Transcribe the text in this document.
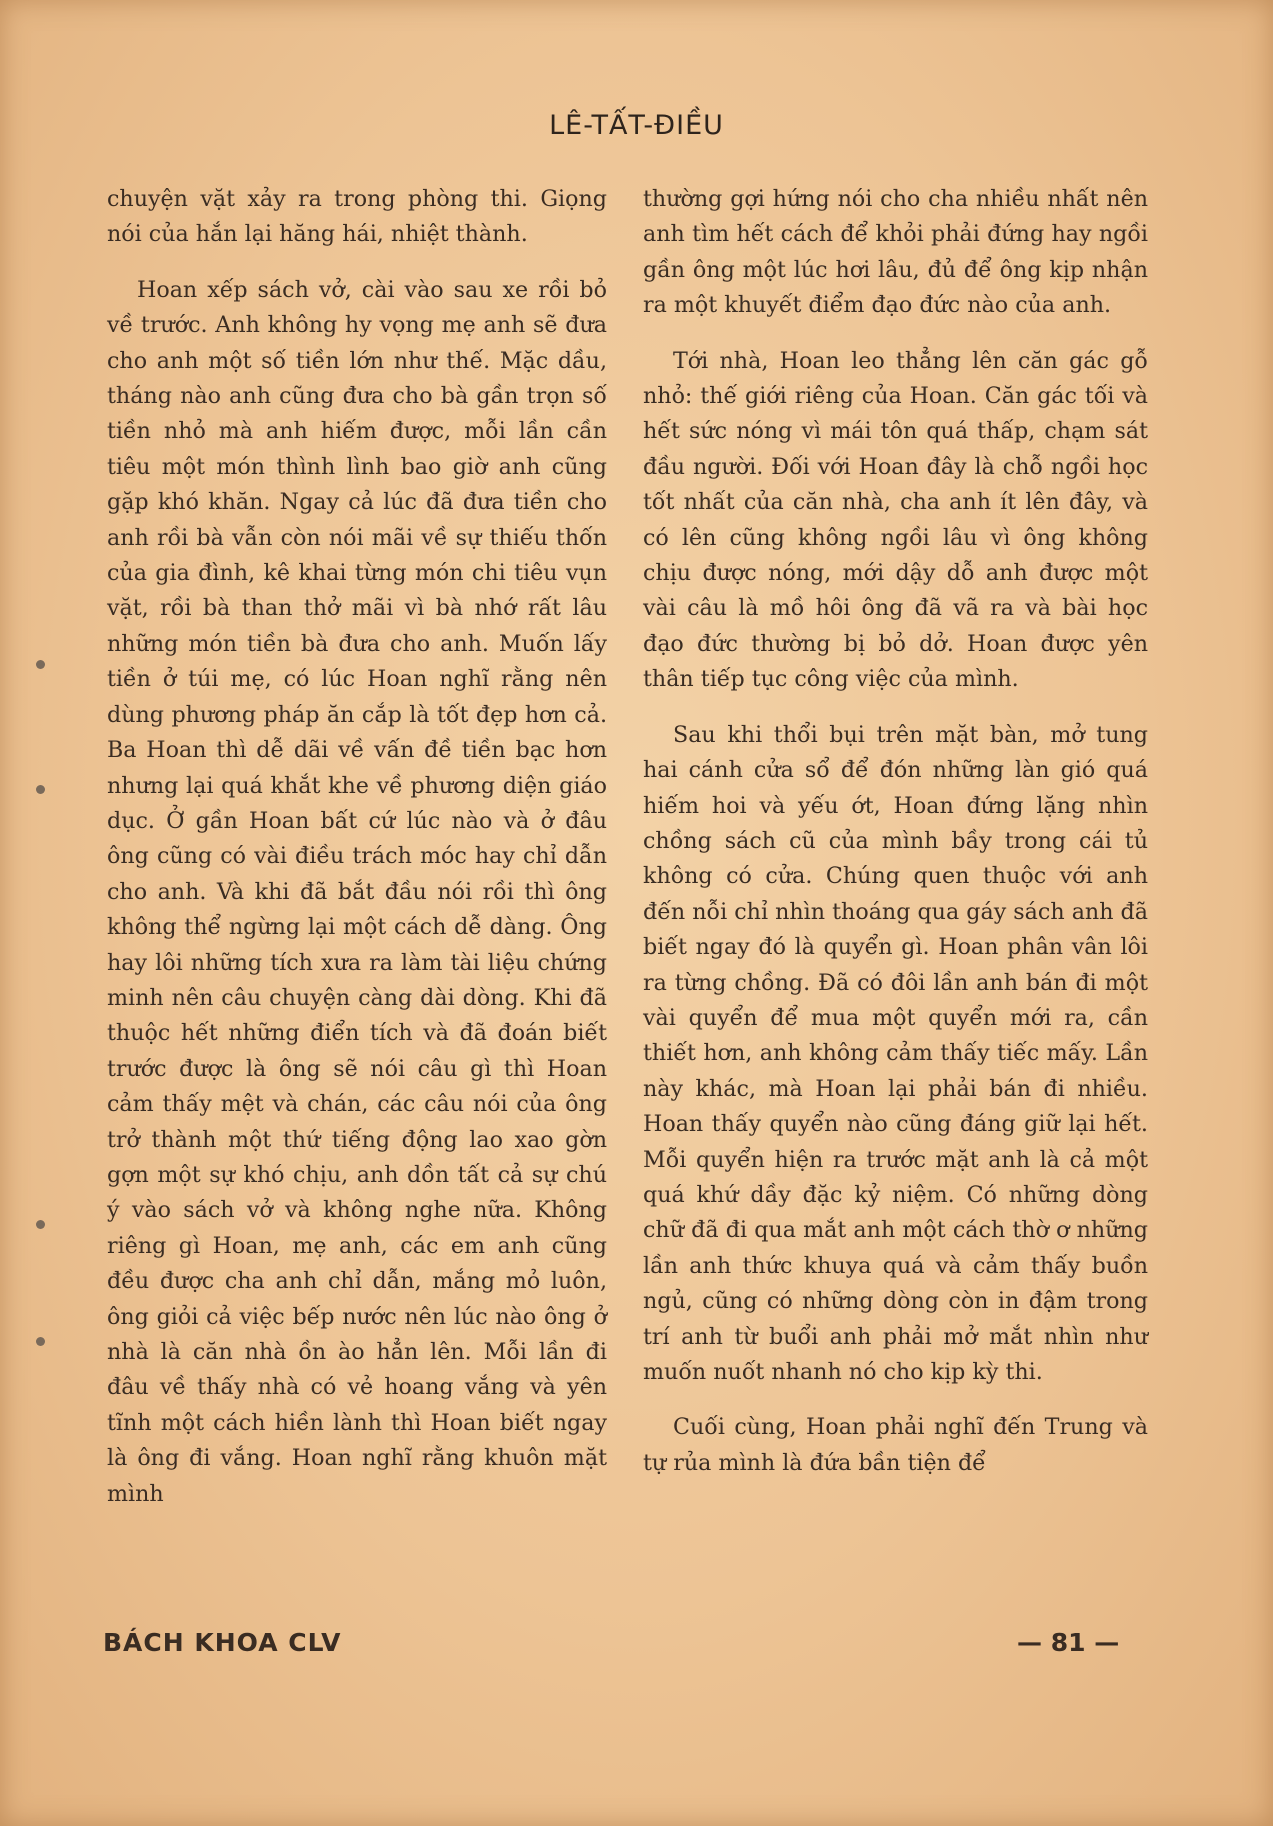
LÊ-TẤT-ĐIỀU

chuyện vặt xảy ra trong phòng thi. Giọng nói của hắn lại hăng hái, nhiệt thành.

Hoan xếp sách vở, cài vào sau xe rồi bỏ về trước. Anh không hy vọng mẹ anh sẽ đưa cho anh một số tiền lớn như thế. Mặc dầu, tháng nào anh cũng đưa cho bà gần trọn số tiền nhỏ mà anh hiếm được, mỗi lần cần tiêu một món thình lình bao giờ anh cũng gặp khó khăn. Ngay cả lúc đã đưa tiền cho anh rồi bà vẫn còn nói mãi về sự thiếu thốn của gia đình, kê khai từng món chi tiêu vụn vặt, rồi bà than thở mãi vì bà nhớ rất lâu những món tiền bà đưa cho anh. Muốn lấy tiền ở túi mẹ, có lúc Hoan nghĩ rằng nên dùng phương pháp ăn cắp là tốt đẹp hơn cả. Ba Hoan thì dễ dãi về vấn đề tiền bạc hơn nhưng lại quá khắt khe về phương diện giáo dục. Ở gần Hoan bất cứ lúc nào và ở đâu ông cũng có vài điều trách móc hay chỉ dẫn cho anh. Và khi đã bắt đầu nói rồi thì ông không thể ngừng lại một cách dễ dàng. Ông hay lôi những tích xưa ra làm tài liệu chứng minh nên câu chuyện càng dài dòng. Khi đã thuộc hết những điển tích và đã đoán biết trước được là ông sẽ nói câu gì thì Hoan cảm thấy mệt và chán, các câu nói của ông trở thành một thứ tiếng động lao xao gờn gợn một sự khó chịu, anh dồn tất cả sự chú ý vào sách vở và không nghe nữa. Không riêng gì Hoan, mẹ anh, các em anh cũng đều được cha anh chỉ dẫn, mắng mỏ luôn, ông giỏi cả việc bếp nước nên lúc nào ông ở nhà là căn nhà ồn ào hẳn lên. Mỗi lần đi đâu về thấy nhà có vẻ hoang vắng và yên tĩnh một cách hiền lành thì Hoan biết ngay là ông đi vắng. Hoan nghĩ rằng khuôn mặt mình

thường gợi hứng nói cho cha nhiều nhất nên anh tìm hết cách để khỏi phải đứng hay ngồi gần ông một lúc hơi lâu, đủ để ông kịp nhận ra một khuyết điểm đạo đức nào của anh.

Tới nhà, Hoan leo thẳng lên căn gác gỗ nhỏ: thế giới riêng của Hoan. Căn gác tối và hết sức nóng vì mái tôn quá thấp, chạm sát đầu người. Đối với Hoan đây là chỗ ngồi học tốt nhất của căn nhà, cha anh ít lên đây, và có lên cũng không ngồi lâu vì ông không chịu được nóng, mới dậy dỗ anh được một vài câu là mồ hôi ông đã vã ra và bài học đạo đức thường bị bỏ dở. Hoan được yên thân tiếp tục công việc của mình.

Sau khi thổi bụi trên mặt bàn, mở tung hai cánh cửa sổ để đón những làn gió quá hiếm hoi và yếu ớt, Hoan đứng lặng nhìn chồng sách cũ của mình bầy trong cái tủ không có cửa. Chúng quen thuộc với anh đến nỗi chỉ nhìn thoáng qua gáy sách anh đã biết ngay đó là quyển gì. Hoan phân vân lôi ra từng chồng. Đã có đôi lần anh bán đi một vài quyển để mua một quyển mới ra, cần thiết hơn, anh không cảm thấy tiếc mấy. Lần này khác, mà Hoan lại phải bán đi nhiều. Hoan thấy quyển nào cũng đáng giữ lại hết. Mỗi quyển hiện ra trước mặt anh là cả một quá khứ dầy đặc kỷ niệm. Có những dòng chữ đã đi qua mắt anh một cách thờ ơ những lần anh thức khuya quá và cảm thấy buồn ngủ, cũng có những dòng còn in đậm trong trí anh từ buổi anh phải mở mắt nhìn như muốn nuốt nhanh nó cho kịp kỳ thi.

Cuối cùng, Hoan phải nghĩ đến Trung và tự rủa mình là đứa bần tiện để

BÁCH KHOA CLV	— 81 —
